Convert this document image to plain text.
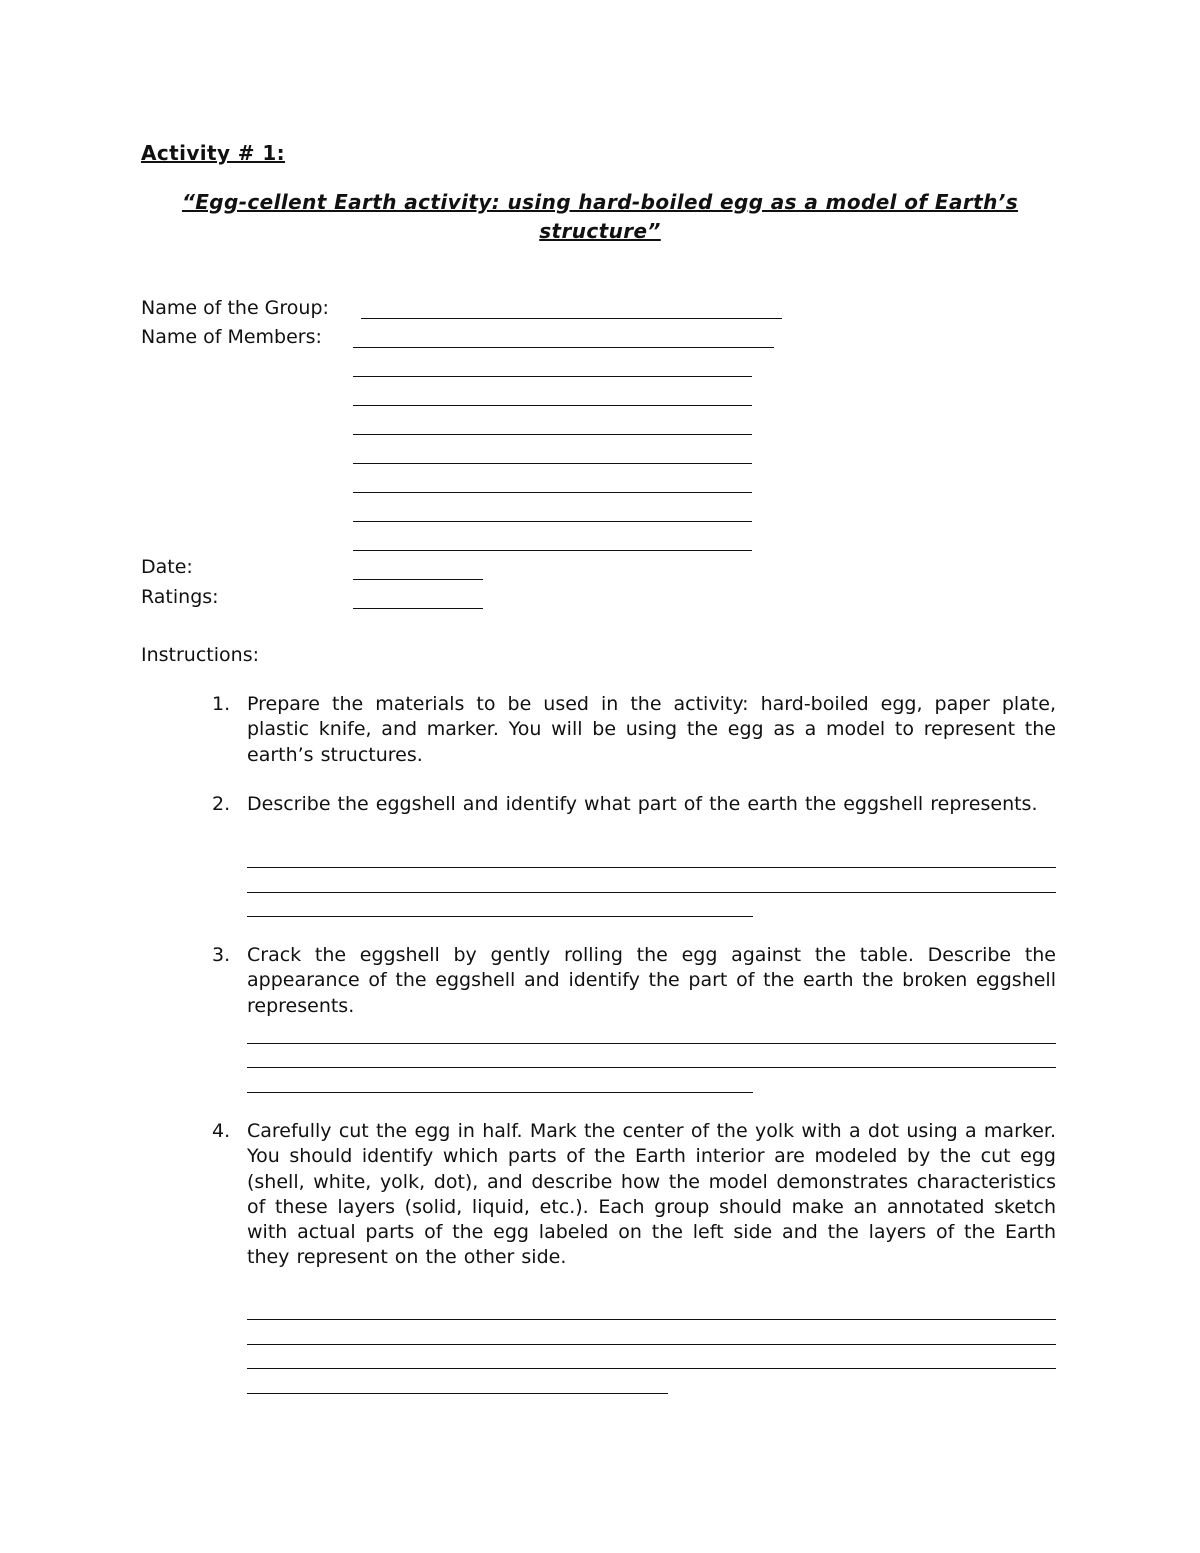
Activity # 1:
“Egg-cellent Earth activity: using hard-boiled egg as a model of Earth’s
structure”
Name of the Group:
Name of Members:
Date:
Ratings:
Instructions:
1. Prepare the materials to be used in the activity: hard-boiled egg, paper plate, plastic knife, and marker. You will be using the egg as a model to represent the earth’s structures.
2. Describe the eggshell and identify what part of the earth the eggshell represents.
3. Crack the eggshell by gently rolling the egg against the table. Describe the appearance of the eggshell and identify the part of the earth the broken eggshell represents.
4. Carefully cut the egg in half. Mark the center of the yolk with a dot using a marker. You should identify which parts of the Earth interior are modeled by the cut egg (shell, white, yolk, dot), and describe how the model demonstrates characteristics of these layers (solid, liquid, etc.). Each group should make an annotated sketch with actual parts of the egg labeled on the left side and the layers of the Earth they represent on the other side.
